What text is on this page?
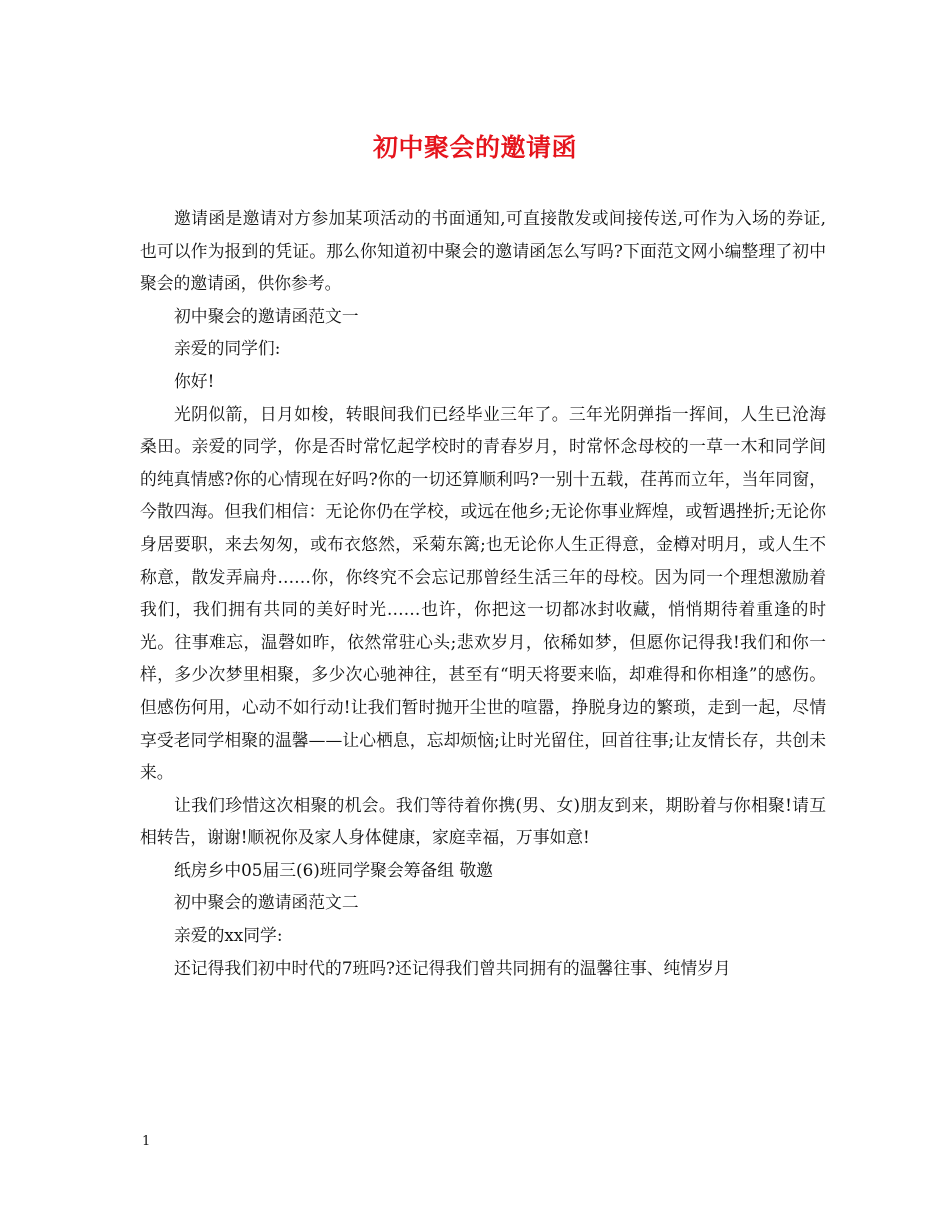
初中聚会的邀请函

邀请函是邀请对方参加某项活动的书面通知,可直接散发或间接传送,可作为入场的券证,也可以作为报到的凭证。那么你知道初中聚会的邀请函怎么写吗?下面范文网小编整理了初中聚会的邀请函，供你参考。

初中聚会的邀请函范文一

亲爱的同学们:

你好!

光阴似箭，日月如梭，转眼间我们已经毕业三年了。三年光阴弹指一挥间，人生已沧海桑田。亲爱的同学，你是否时常忆起学校时的青春岁月，时常怀念母校的一草一木和同学间的纯真情感?你的心情现在好吗?你的一切还算顺利吗?一别十五载，荏苒而立年，当年同窗，今散四海。但我们相信：无论你仍在学校，或远在他乡;无论你事业辉煌，或暂遇挫折;无论你身居要职，来去匆匆，或布衣悠然，采菊东篱;也无论你人生正得意，金樽对明月，或人生不称意，散发弄扁舟……你，你终究不会忘记那曾经生活三年的母校。因为同一个理想激励着我们，我们拥有共同的美好时光……也许，你把这一切都冰封收藏，悄悄期待着重逢的时光。往事难忘，温磬如昨，依然常驻心头;悲欢岁月，依稀如梦，但愿你记得我!我们和你一样，多少次梦里相聚，多少次心驰神往，甚至有“明天将要来临，却难得和你相逢”的感伤。但感伤何用，心动不如行动!让我们暂时抛开尘世的喧嚣，挣脱身边的繁琐，走到一起，尽情享受老同学相聚的温馨——让心栖息，忘却烦恼;让时光留住，回首往事;让友情长存，共创未来。

让我们珍惜这次相聚的机会。我们等待着你携(男、女)朋友到来，期盼着与你相聚!请互相转告，谢谢!顺祝你及家人身体健康，家庭幸福，万事如意!

纸房乡中05届三(6)班同学聚会筹备组 敬邀

初中聚会的邀请函范文二

亲爱的xx同学:

还记得我们初中时代的7班吗?还记得我们曾共同拥有的温馨往事、纯情岁月

1
